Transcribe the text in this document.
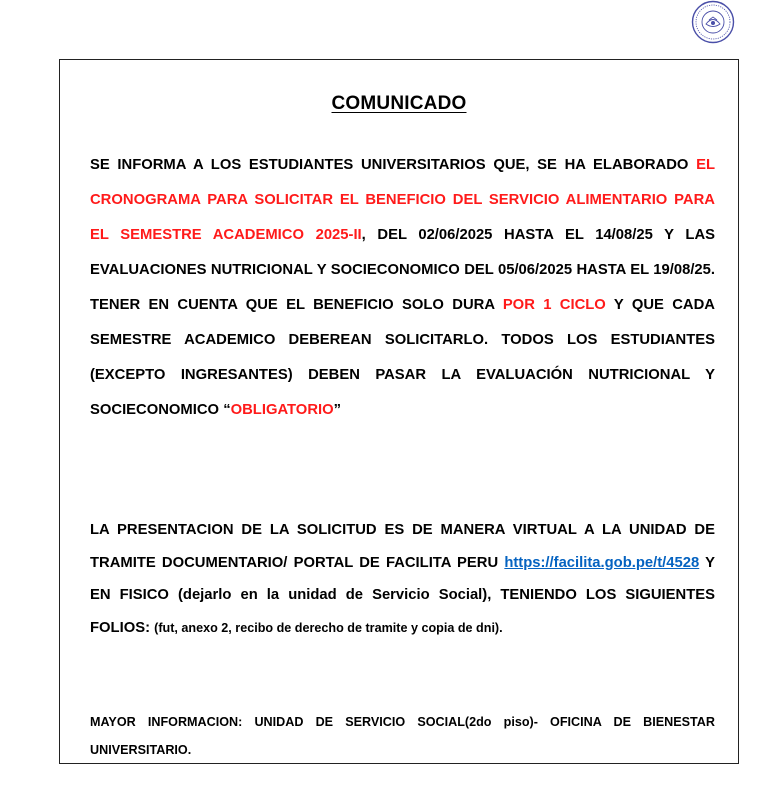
COMUNICADO

SE INFORMA A LOS ESTUDIANTES UNIVERSITARIOS QUE, SE HA ELABORADO EL CRONOGRAMA PARA SOLICITAR EL BENEFICIO DEL SERVICIO ALIMENTARIO PARA EL SEMESTRE ACADEMICO 2025-II, DEL 02/06/2025 HASTA EL 14/08/25 Y LAS EVALUACIONES NUTRICIONAL Y SOCIECONOMICO DEL 05/06/2025 HASTA EL 19/08/25. TENER EN CUENTA QUE EL BENEFICIO SOLO DURA POR 1 CICLO Y QUE CADA SEMESTRE ACADEMICO DEBEREAN SOLICITARLO. TODOS LOS ESTUDIANTES (EXCEPTO INGRESANTES) DEBEN PASAR LA EVALUACIÓN NUTRICIONAL Y SOCIECONOMICO “OBLIGATORIO”

LA PRESENTACION DE LA SOLICITUD ES DE MANERA VIRTUAL A LA UNIDAD DE TRAMITE DOCUMENTARIO/ PORTAL DE FACILITA PERU https://facilita.gob.pe/t/4528 Y EN FISICO (dejarlo en la unidad de Servicio Social), TENIENDO LOS SIGUIENTES FOLIOS: (fut, anexo 2, recibo de derecho de tramite y copia de dni).

MAYOR INFORMACION: UNIDAD DE SERVICIO SOCIAL(2do piso)- OFICINA DE BIENESTAR UNIVERSITARIO.
